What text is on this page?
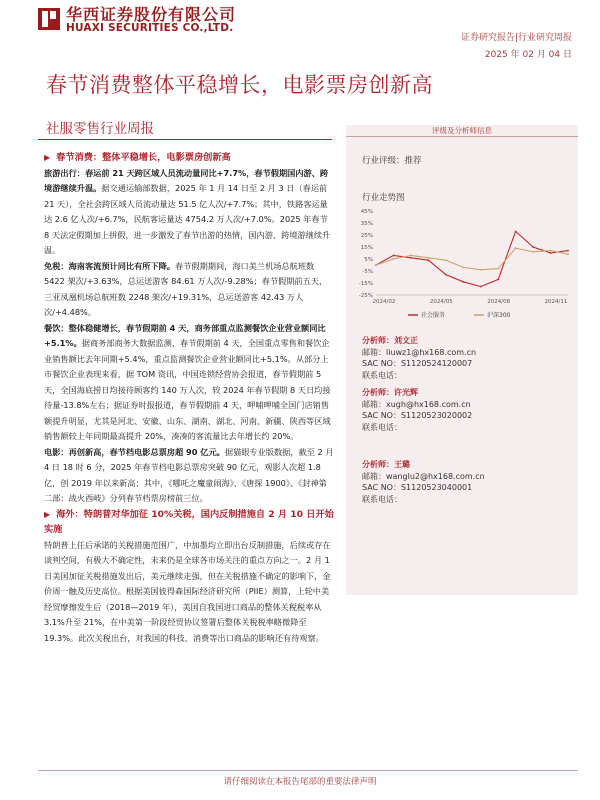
华西证券股份有限公司
HUAXI SECURITIES CO.,LTD.
证券研究报告|行业研究周报
2025 年 02 月 04 日
春节消费整体平稳增长，电影票房创新高
社服零售行业周报

▶ 春节消费：整体平稳增长，电影票房创新高

旅游出行：春运前 21 天跨区域人员流动量同比+7.7%，春节假期国内游、跨境游继续升温。据交通运输部数据，2025 年 1 月 14 日至 2 月 3 日（春运前 21 天），全社会跨区域人员流动量达 51.5 亿人次/+7.7%；其中，铁路客运量达 2.6 亿人次/+6.7%，民航客运量达 4754.2 万人次/+7.0%。2025 年春节 8 天法定假期加上拼假，进一步激发了春节出游的热情，国内游、跨境游继续升温。

免税：海南客流预计同比有所下降。春节假期期间，海口美兰机场总航班数 5422 架次/+3.63%，总运送游客 84.61 万人次/-9.28%；春节假期前五天，三亚凤凰机场总航班数 2248 架次/+19.31%，总运送游客 42.43 万人次/+4.48%。

餐饮：整体稳健增长，春节假期前 4 天，商务部重点监测餐饮企业营业额同比+5.1%。据商务部商务大数据监测，春节假期前 4 天，全国重点零售和餐饮企业销售额比去年同期+5.4%，重点监测餐饮企业营业额同比+5.1%。从部分上市餐饮企业表现来看，据 TOM 资讯，中国连锁经营协会报道，春节假期前 5 天，全国海底捞日均接待顾客约 140 万人次，较 2024 年春节假期 8 天日均接待量-13.8%左右；据证券时报报道，春节假期前 4 天，呷哺呷哺全国门店销售额提升明显，尤其是河北、安徽、山东、湖南、湖北、河南、新疆、陕西等区域销售额较上年同期最高提升 20%，凑凑的客流量比去年增长约 20%。

电影：再创新高，春节档电影总票房超 90 亿元。据猫眼专业版数据，截至 2 月 4 日 18 时 6 分，2025 年春节档电影总票房突破 90 亿元，观影人次超 1.8 亿，创 2019 年以来新高；其中，《哪吒之魔童闹海》、《唐探 1900》、《封神第二部：战火西岐》分列春节档票房榜前三位。

▶ 海外：特朗普对华加征 10%关税，国内反制措施自 2 月 10 日开始实施

特朗普上任后承诺的关税措施范围广，中加墨均立即出台反制措施，后续或存在谈判空间，有极大不确定性，未来仍是全球各市场关注的重点方向之一。2 月 1 日美国加征关税措施发出后，美元继续走强，但在关税措施不确定的影响下，金价周一触及历史高位。根据美国彼得森国际经济研究所（PIIE）测算，上轮中美经贸摩擦发生后（2018—2019 年），美国自我国进口商品的整体关税税率从 3.1%升至 21%，在中美第一阶段经贸协议签署后整体关税税率略微降至 19.3%。此次关税出台，对我国的科技、消费等出口商品的影响还有待观察。

评级及分析师信息
行业评级：推荐
行业走势图
45%
35%
25%
15%
5%
-5%
-15%
-25%
2024/02	2024/05	2024/08	2024/11
社会服务	沪深300
分析师：刘文正
邮箱：liuwz1@hx168.com.cn
SAC NO：S1120524120007
联系电话：
分析师：许光辉
邮箱：xugh@hx168.com.cn
SAC NO：S1120523020002
联系电话：
分析师：王璐
邮箱：wanglu2@hx168.com.cn
SAC NO：S1120523040001
联系电话：
请仔细阅读在本报告尾部的重要法律声明
